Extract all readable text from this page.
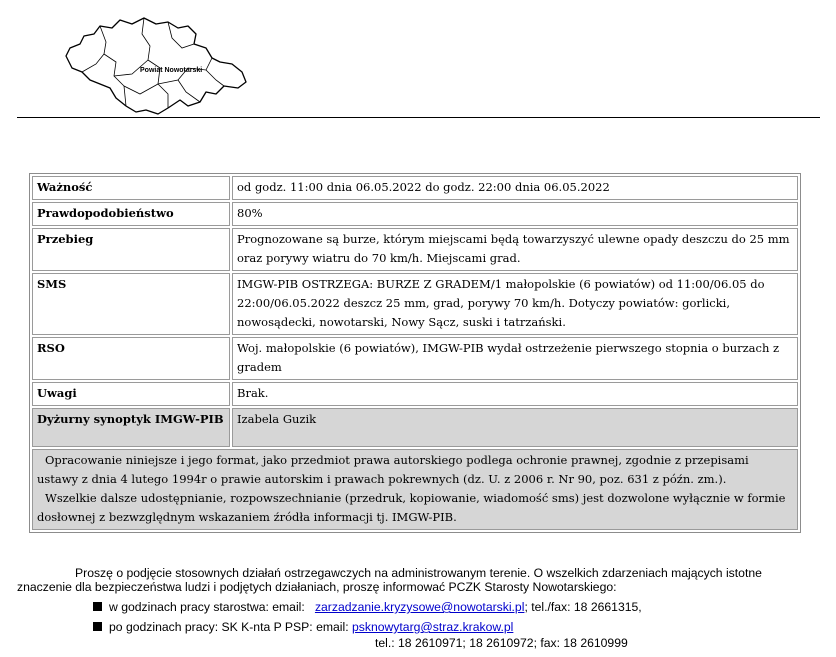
Powiat Nowotarski
Ważność	od godz. 11:00 dnia 06.05.2022 do godz. 22:00 dnia 06.05.2022
Prawdopodobieństwo	80%
Przebieg	Prognozowane są burze, którym miejscami będą towarzyszyć ulewne opady deszczu do 25 mm oraz porywy wiatru do 70 km/h. Miejscami grad.
SMS	IMGW-PIB OSTRZEGA: BURZE Z GRADEM/1 małopolskie (6 powiatów) od 11:00/06.05 do 22:00/06.05.2022 deszcz 25 mm, grad, porywy 70 km/h. Dotyczy powiatów: gorlicki, nowosądecki, nowotarski, Nowy Sącz, suski i tatrzański.
RSO	Woj. małopolskie (6 powiatów), IMGW-PIB wydał ostrzeżenie pierwszego stopnia o burzach z gradem
Uwagi	Brak.
Dyżurny synoptyk IMGW-PIB	Izabela Guzik

Opracowanie niniejsze i jego format, jako przedmiot prawa autorskiego podlega ochronie prawnej, zgodnie z przepisami ustawy z dnia 4 lutego 1994r o prawie autorskim i prawach pokrewnych (dz. U. z 2006 r. Nr 90, poz. 631 z późn. zm.).
Wszelkie dalsze udostępnianie, rozpowszechnianie (przedruk, kopiowanie, wiadomość sms) jest dozwolone wyłącznie w formie dosłownej z bezwzględnym wskazaniem źródła informacji tj. IMGW-PIB.	
Proszę o podjęcie stosownych działań ostrzegawczych na administrowanym terenie. O wszelkich zdarzeniach mających istotne znaczenie dla bezpieczeństwa ludzi i podjętych działaniach, proszę informować PCZK Starosty Nowotarskiego:
w godzinach pracy starostwa: email: zarzadzanie.kryzysowe@nowotarski.pl; tel./fax: 18 2661315,
po godzinach pracy: SK K-nta P PSP: email: psknowytarg@straz.krakow.pl
tel.: 18 2610971; 18 2610972; fax: 18 2610999
